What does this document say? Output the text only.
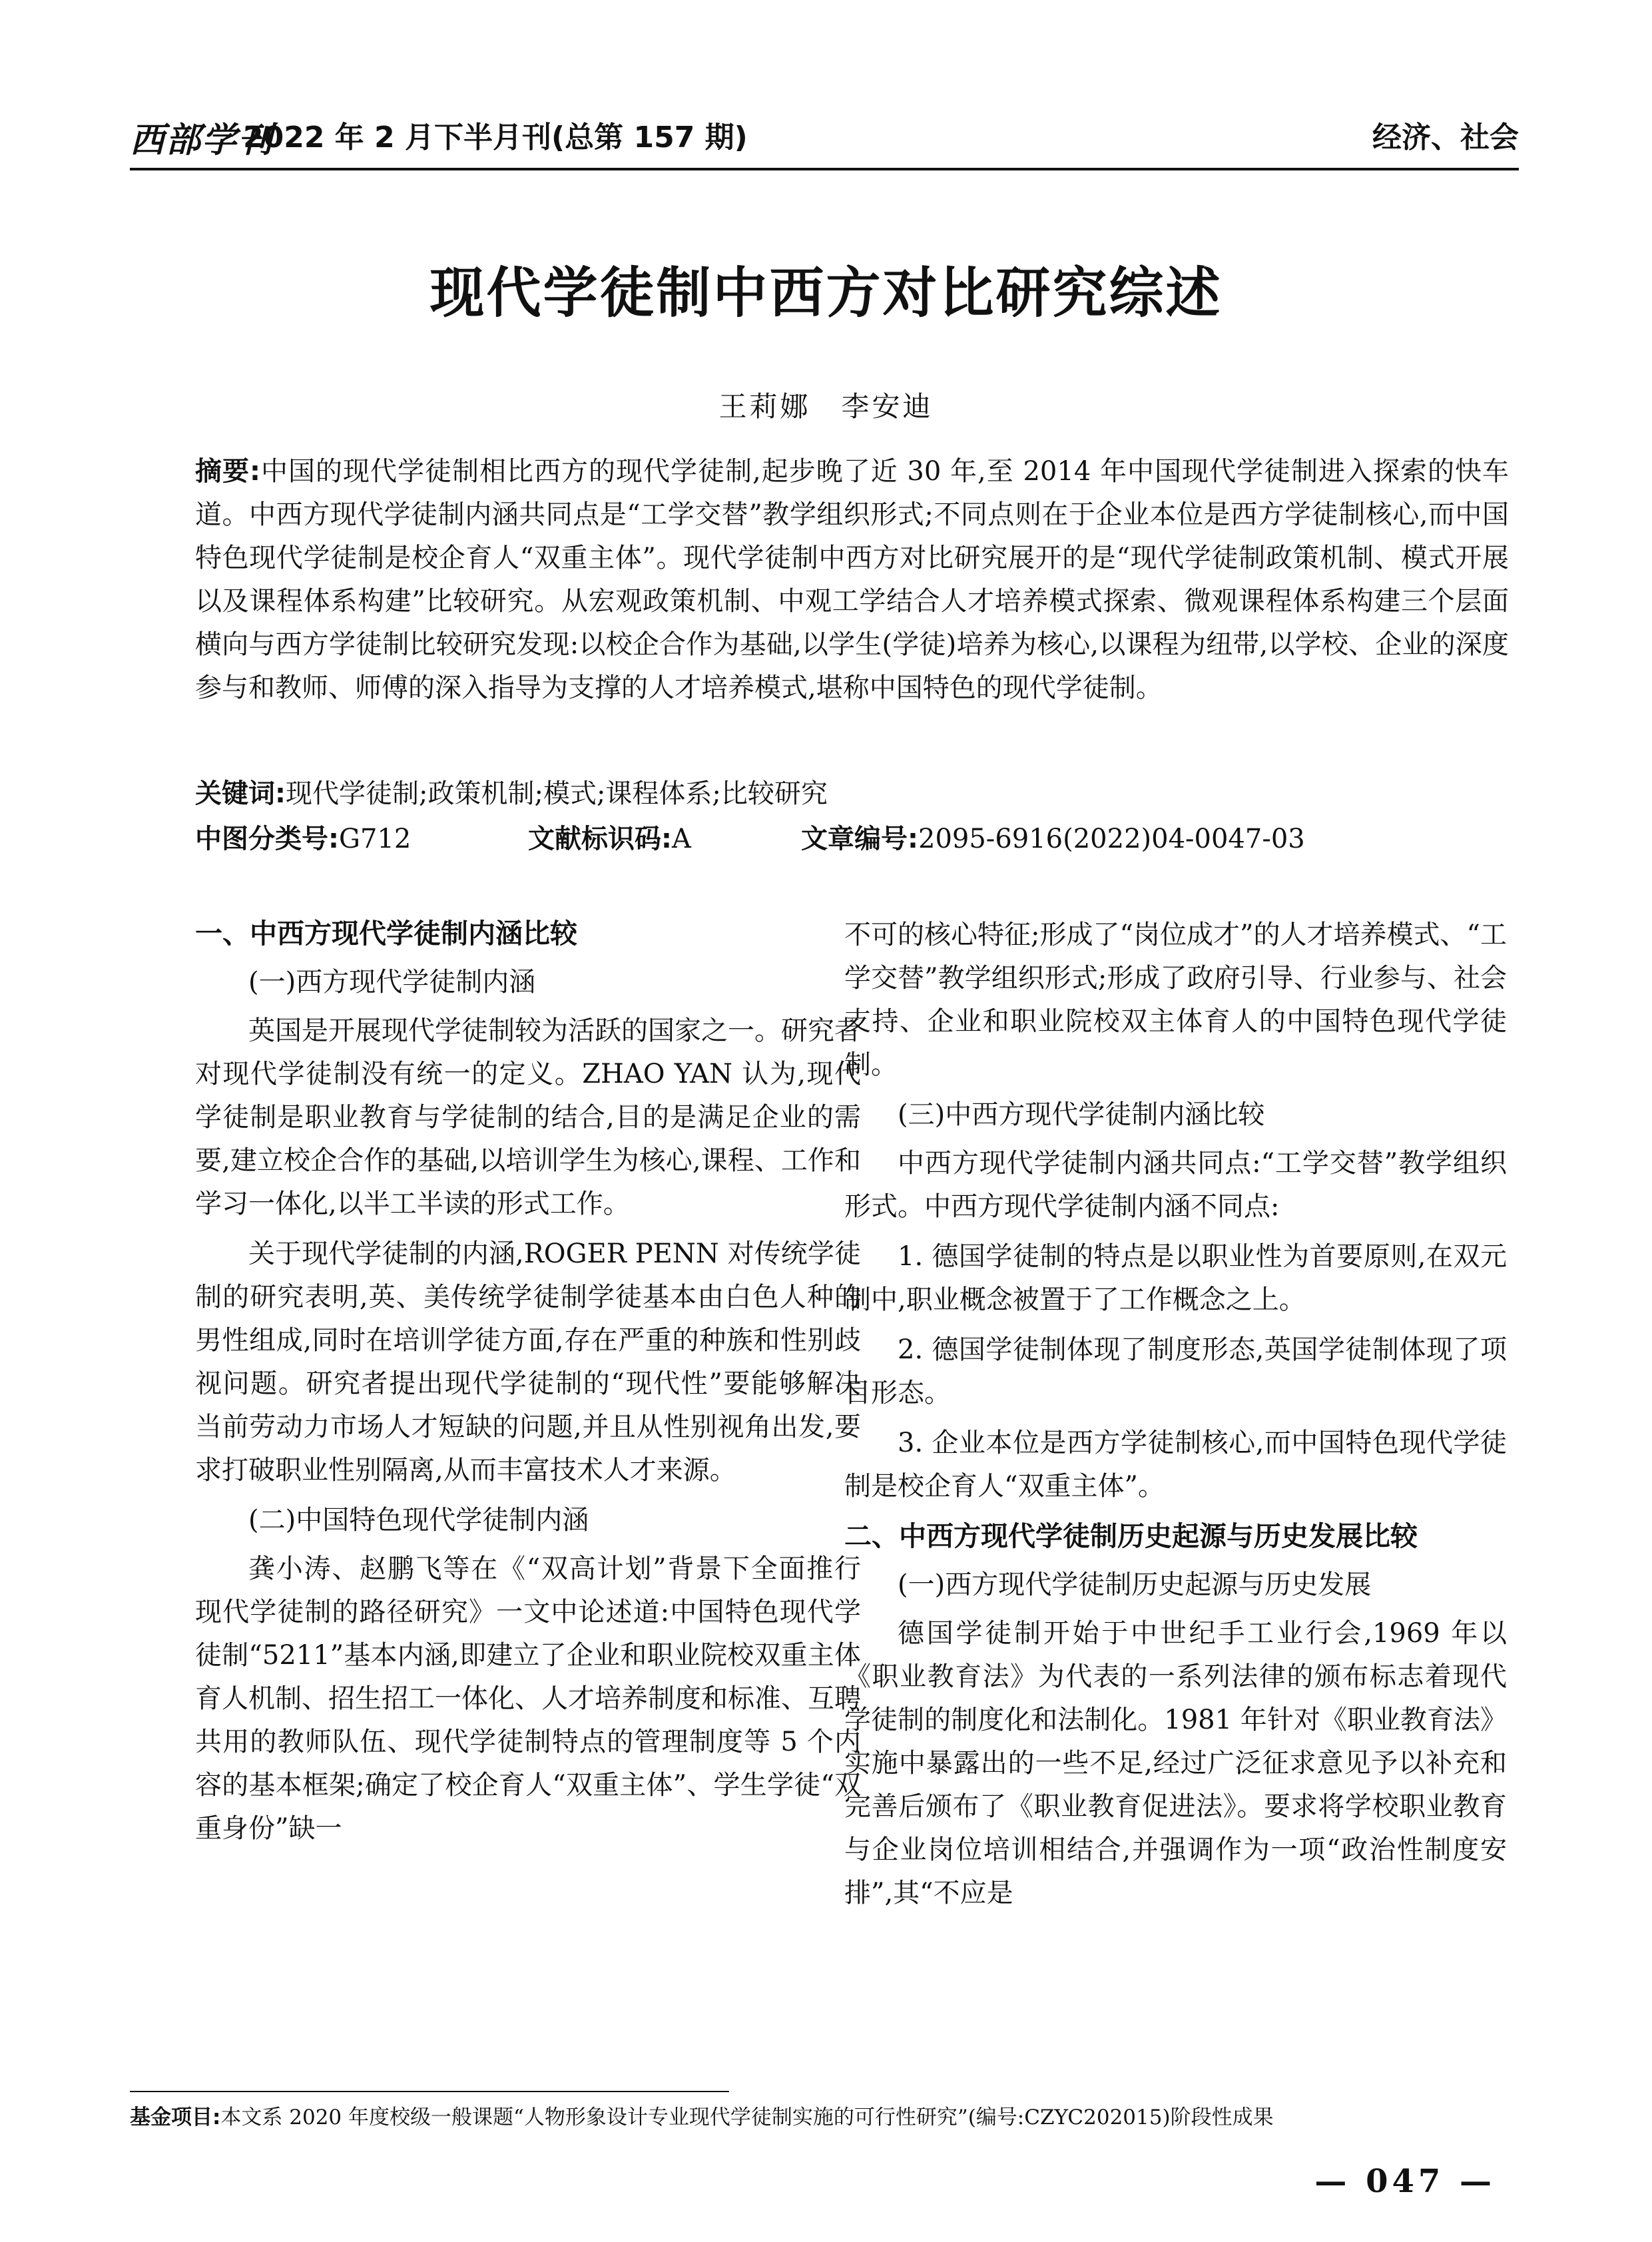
西部学刊
2022 年 2 月下半月刊(总第 157 期)	经济、社会
现代学徒制中西方对比研究综述
王莉娜　李安迪
摘要:中国的现代学徒制相比西方的现代学徒制,起步晚了近 30 年,至 2014 年中国现代学徒制进入探索的快车道。中西方现代学徒制内涵共同点是“工学交替”教学组织形式;不同点则在于企业本位是西方学徒制核心,而中国特色现代学徒制是校企育人“双重主体”。现代学徒制中西方对比研究展开的是“现代学徒制政策机制、模式开展以及课程体系构建”比较研究。从宏观政策机制、中观工学结合人才培养模式探索、微观课程体系构建三个层面横向与西方学徒制比较研究发现:以校企合作为基础,以学生(学徒)培养为核心,以课程为纽带,以学校、企业的深度参与和教师、师傅的深入指导为支撑的人才培养模式,堪称中国特色的现代学徒制。
关键词:现代学徒制;政策机制;模式;课程体系;比较研究
中图分类号:G712	文献标识码:A	文章编号:2095-6916(2022)04-0047-03

一、中西方现代学徒制内涵比较

(一)西方现代学徒制内涵

英国是开展现代学徒制较为活跃的国家之一。研究者对现代学徒制没有统一的定义。ZHAO YAN 认为,现代学徒制是职业教育与学徒制的结合,目的是满足企业的需要,建立校企合作的基础,以培训学生为核心,课程、工作和学习一体化,以半工半读的形式工作。

关于现代学徒制的内涵,ROGER PENN 对传统学徒制的研究表明,英、美传统学徒制学徒基本由白色人种的男性组成,同时在培训学徒方面,存在严重的种族和性别歧视问题。研究者提出现代学徒制的“现代性”要能够解决当前劳动力市场人才短缺的问题,并且从性别视角出发,要求打破职业性别隔离,从而丰富技术人才来源。

(二)中国特色现代学徒制内涵

龚小涛、赵鹏飞等在《“双高计划”背景下全面推行现代学徒制的路径研究》一文中论述道:中国特色现代学徒制“5211”基本内涵,即建立了企业和职业院校双重主体育人机制、招生招工一体化、人才培养制度和标准、互聘共用的教师队伍、现代学徒制特点的管理制度等 5 个内容的基本框架;确定了校企育人“双重主体”、学生学徒“双重身份”缺一

不可的核心特征;形成了“岗位成才”的人才培养模式、“工学交替”教学组织形式;形成了政府引导、行业参与、社会支持、企业和职业院校双主体育人的中国特色现代学徒制。

(三)中西方现代学徒制内涵比较

中西方现代学徒制内涵共同点:“工学交替”教学组织形式。中西方现代学徒制内涵不同点:

1. 德国学徒制的特点是以职业性为首要原则,在双元制中,职业概念被置于了工作概念之上。

2. 德国学徒制体现了制度形态,英国学徒制体现了项目形态。

3. 企业本位是西方学徒制核心,而中国特色现代学徒制是校企育人“双重主体”。

二、中西方现代学徒制历史起源与历史发展比较

(一)西方现代学徒制历史起源与历史发展

德国学徒制开始于中世纪手工业行会,1969 年以《职业教育法》为代表的一系列法律的颁布标志着现代学徒制的制度化和法制化。1981 年针对《职业教育法》实施中暴露出的一些不足,经过广泛征求意见予以补充和完善后颁布了《职业教育促进法》。要求将学校职业教育与企业岗位培训相结合,并强调作为一项“政治性制度安排”,其“不应是

基金项目:本文系 2020 年度校级一般课题“人物形象设计专业现代学徒制实施的可行性研究”(编号:CZYC202015)阶段性成果
— 047 —
